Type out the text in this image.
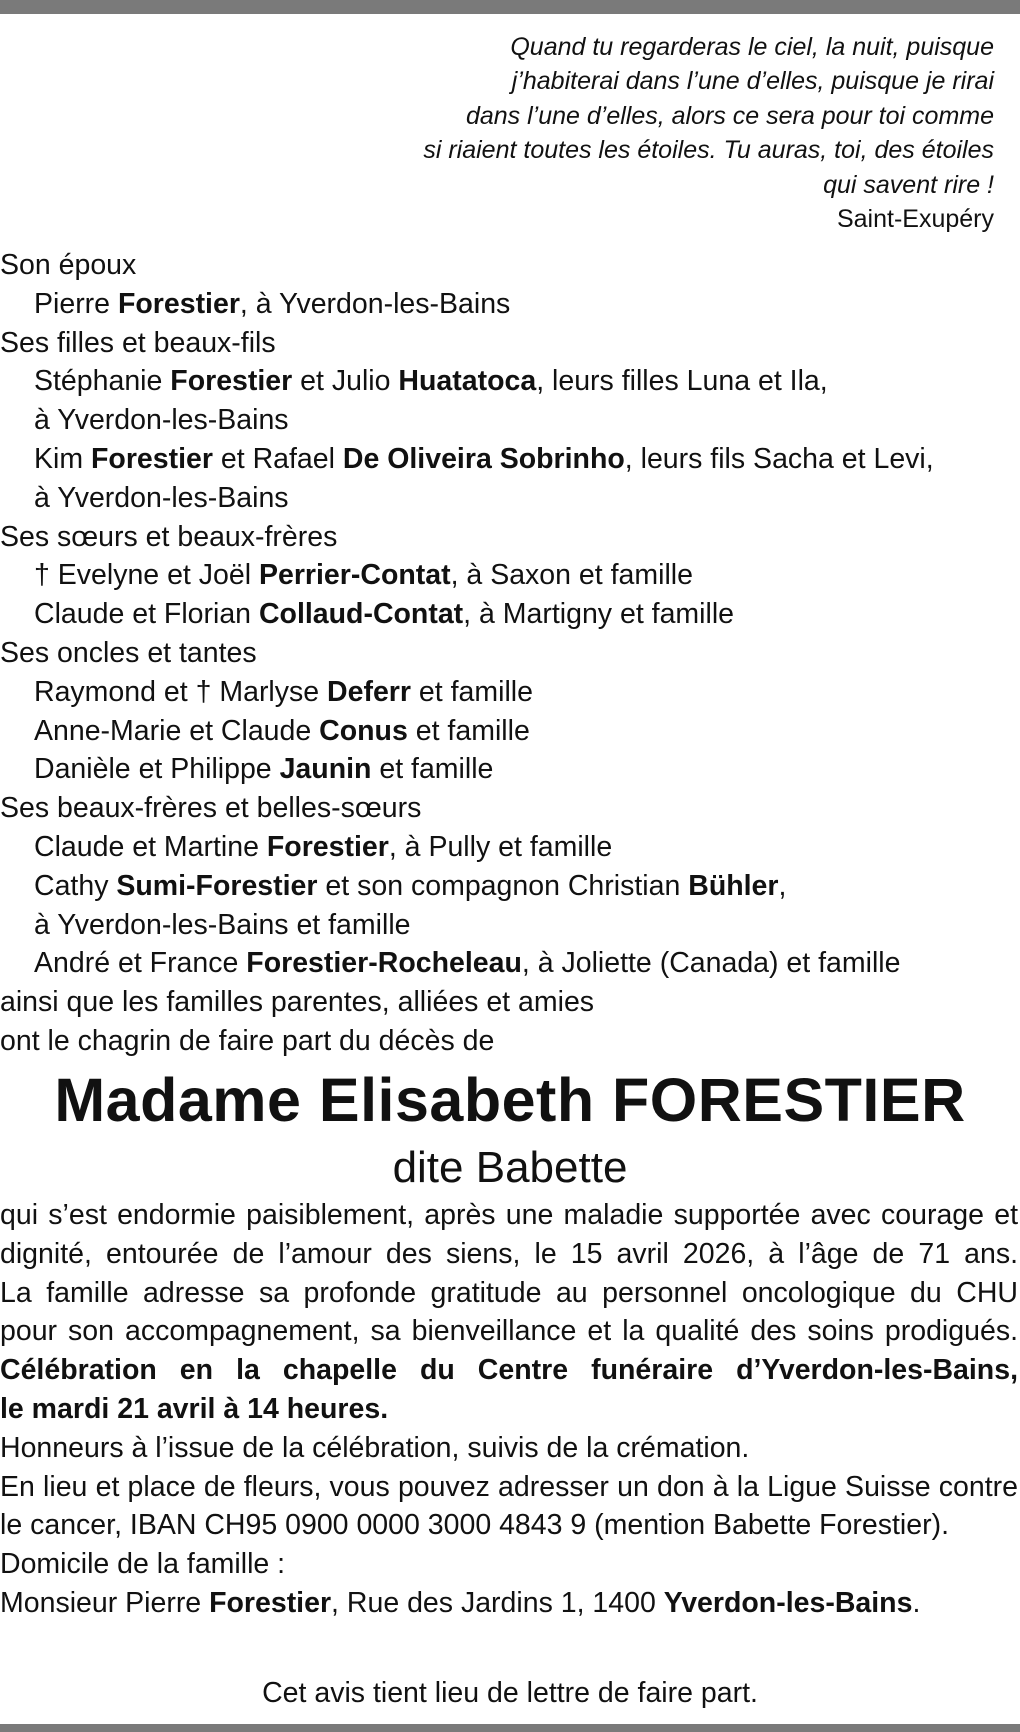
Quand tu regarderas le ciel, la nuit, puisque
j’habiterai dans l’une d’elles, puisque je rirai
dans l’une d’elles, alors ce sera pour toi comme
si riaient toutes les étoiles. Tu auras, toi, des étoiles
qui savent rire !
Saint-Exupéry
Son époux
Pierre Forestier, à Yverdon-les-Bains
Ses filles et beaux-fils
Stéphanie Forestier et Julio Huatatoca, leurs filles Luna et Ila,
à Yverdon-les-Bains
Kim Forestier et Rafael De Oliveira Sobrinho, leurs fils Sacha et Levi,
à Yverdon-les-Bains
Ses sœurs et beaux-frères
† Evelyne et Joël Perrier-Contat, à Saxon et famille
Claude et Florian Collaud-Contat, à Martigny et famille
Ses oncles et tantes
Raymond et † Marlyse Deferr et famille
Anne-Marie et Claude Conus et famille
Danièle et Philippe Jaunin et famille
Ses beaux-frères et belles-sœurs
Claude et Martine Forestier, à Pully et famille
Cathy Sumi-Forestier et son compagnon Christian Bühler,
à Yverdon-les-Bains et famille
André et France Forestier-Rocheleau, à Joliette (Canada) et famille
ainsi que les familles parentes, alliées et amies
ont le chagrin de faire part du décès de
Madame Elisabeth FORESTIER
dite Babette
qui s’est endormie paisiblement, après une maladie supportée avec courage et
dignité, entourée de l’amour des siens, le 15 avril 2026, à l’âge de 71 ans.
La famille adresse sa profonde gratitude au personnel oncologique du CHU
pour son accompagnement, sa bienveillance et la qualité des soins prodigués.
Célébration en la chapelle du Centre funéraire d’Yverdon-les-Bains,
le mardi 21 avril à 14 heures.
Honneurs à l’issue de la célébration, suivis de la crémation.
En lieu et place de fleurs, vous pouvez adresser un don à la Ligue Suisse contre
le cancer, IBAN CH95 0900 0000 3000 4843 9 (mention Babette Forestier).
Domicile de la famille :
Monsieur Pierre Forestier, Rue des Jardins 1, 1400 Yverdon-les-Bains.
Cet avis tient lieu de lettre de faire part.
